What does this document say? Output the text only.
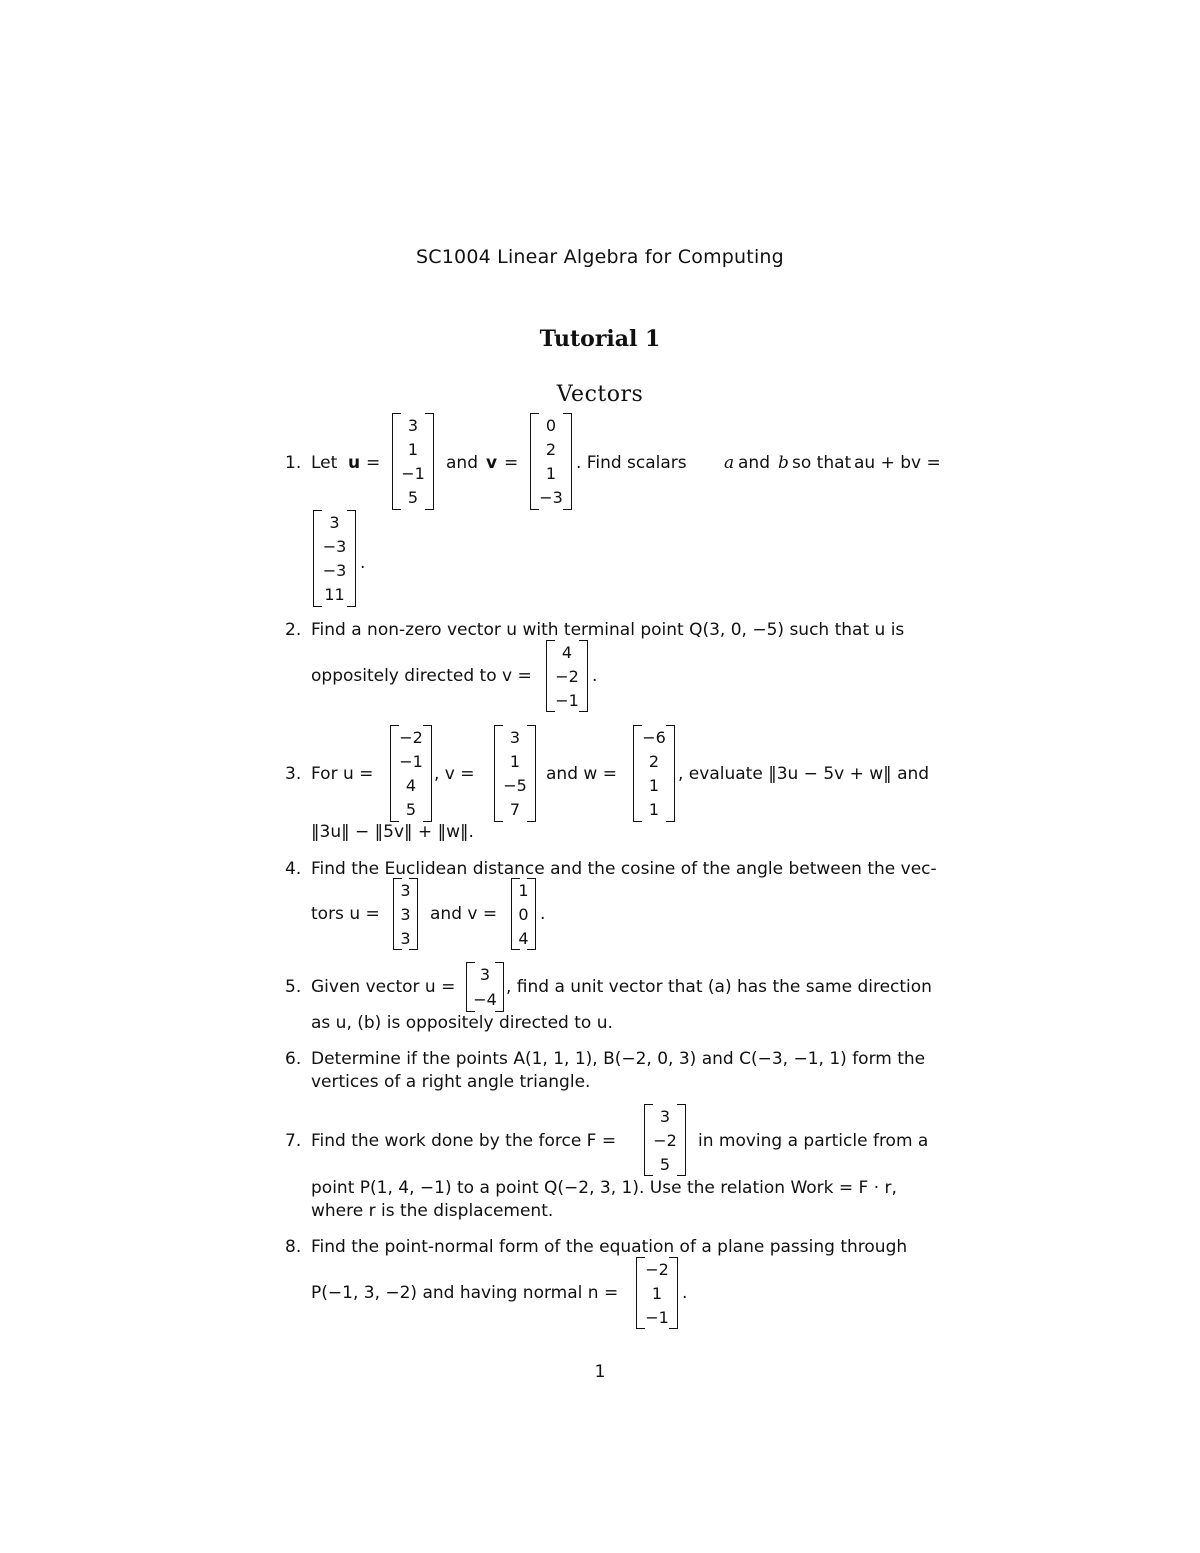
SC1004 Linear Algebra for Computing
Tutorial 1
Vectors
1. Let u =
3
1
−1
5
and v =
0
2
1
−3
. Find scalars a and b so that au + bv =
3
−3
−3
11
.
2. Find a non-zero vector u with terminal point Q(3, 0, −5) such that u is
oppositely directed to v =
4
−2
−1
.
3. For u =
−2
−1
4
5
, v =
3
1
−5
7
and w =
−6
2
1
1
, evaluate ‖3u − 5v + w‖ and
‖3u‖ − ‖5v‖ + ‖w‖.
4. Find the Euclidean distance and the cosine of the angle between the vec-
tors u =
3
3
3
and v =
1
0
4
.
5. Given vector u =
3
−4
, find a unit vector that (a) has the same direction
as u, (b) is oppositely directed to u.
6. Determine if the points A(1, 1, 1), B(−2, 0, 3) and C(−3, −1, 1) form the
vertices of a right angle triangle.
7. Find the work done by the force F =
3
−2
5
in moving a particle from a
point P(1, 4, −1) to a point Q(−2, 3, 1). Use the relation Work = F · r,
where r is the displacement.
8. Find the point-normal form of the equation of a plane passing through
P(−1, 3, −2) and having normal n =
−2
1
−1
.
1
